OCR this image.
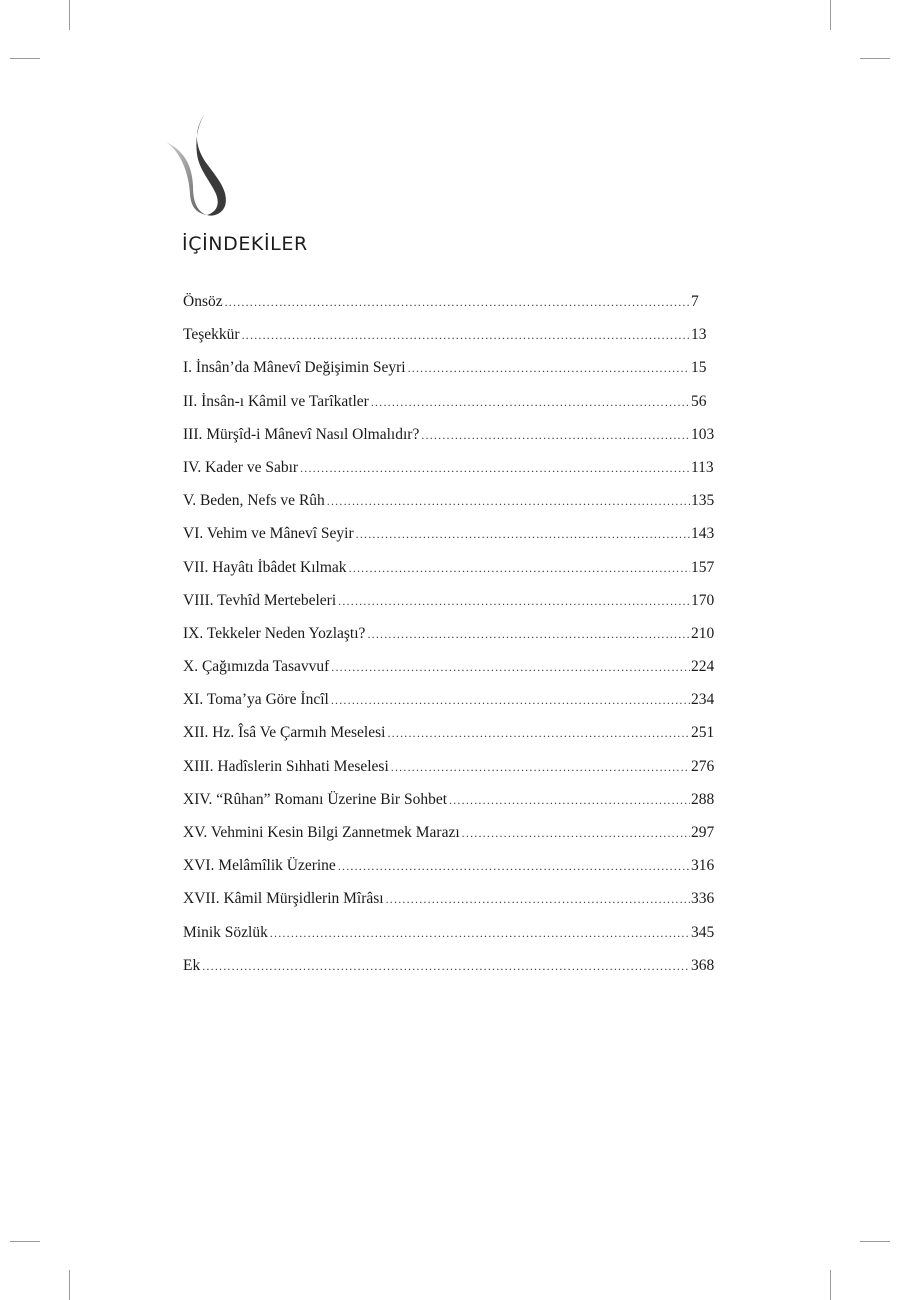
İÇİNDEKİLER
Önsöz .....	7
Teşekkür .....	13
I. İnsân’da Mânevî Değişimin Seyri .....	15
II. İnsân-ı Kâmil ve Tarîkatler .....	56
III. Mürşîd-i Mânevî Nasıl Olmalıdır? .....	103
IV. Kader ve Sabır .....	113
V. Beden, Nefs ve Rûh .....	135
VI. Vehim ve Mânevî Seyir .....	143
VII. Hayâtı İbâdet Kılmak .....	157
VIII. Tevhîd Mertebeleri .....	170
IX. Tekkeler Neden Yozlaştı? .....	210
X. Çağımızda Tasavvuf .....	224
XI. Toma’ya Göre İncîl .....	234
XII. Hz. Îsâ Ve Çarmıh Meselesi .....	251
XIII. Hadîslerin Sıhhati Meselesi .....	276
XIV. “Rûhan” Romanı Üzerine Bir Sohbet .....	288
XV. Vehmini Kesin Bilgi Zannetmek Marazı .....	297
XVI. Melâmîlik Üzerine .....	316
XVII. Kâmil Mürşidlerin Mîrâsı .....	336
Minik Sözlük .....	345
Ek .....	368
